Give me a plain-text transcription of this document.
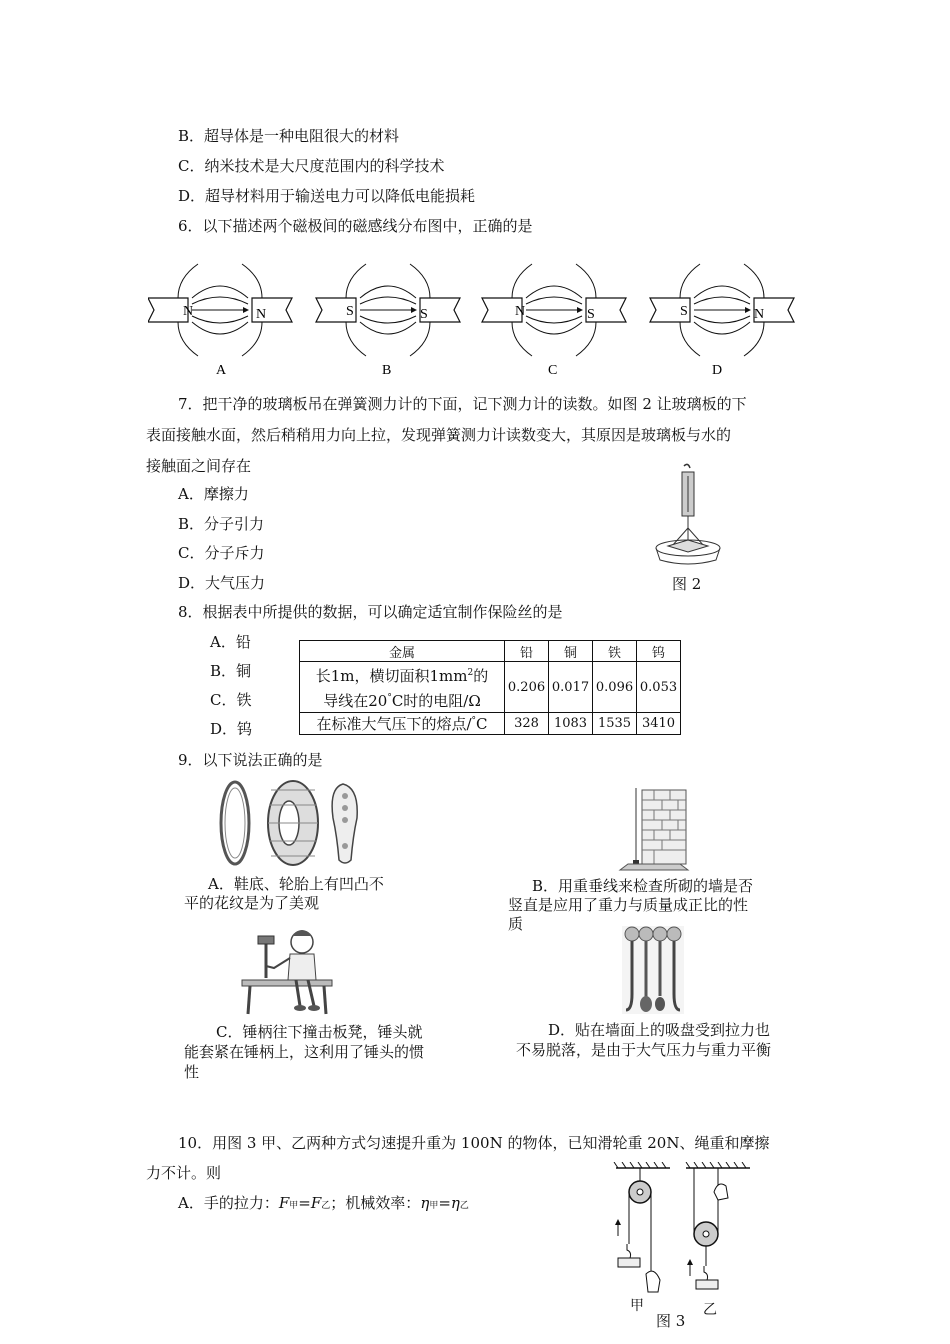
B．超导体是一种电阻很大的材料
C．纳米技术是大尺度范围内的科学技术
D．超导材料用于输送电力可以降低电能损耗
6．以下描述两个磁极间的磁感线分布图中，正确的是
N	N
A
S	S
B
N	S
C
S	N
D
7．把干净的玻璃板吊在弹簧测力计的下面，记下测力计的读数。如图 2 让玻璃板的下
表面接触水面，然后稍稍用力向上拉，发现弹簧测力计读数变大，其原因是玻璃板与水的
接触面之间存在
A．摩擦力
B．分子引力
C．分子斥力
D．大气压力	图 2
8．根据表中所提供的数据，可以确定适宜制作保险丝的是
A．铅
B．铜
C．铁
D．钨
金属	铅	铜	铁	钨
长1m，横切面积$1mm^2$的
导线在20°C时的电阻/Ω	0.206	0.017	0.096	0.053
在标准大气压下的熔点/°C	328	1083	1535	3410
9．以下说法正确的是
A．鞋底、轮胎上有凹凸不
平的花纹是为了美观
B．用重垂线来检查所砌的墙是否
竖直是应用了重力与质量成正比的性
质
C．锤柄往下撞击板凳，锤头就
能套紧在锤柄上，这利用了锤头的惯
性
D．贴在墙面上的吸盘受到拉力也
不易脱落，是由于大气压力与重力平衡
10．用图 3 甲、乙两种方式匀速提升重为 100N 的物体，已知滑轮重 20N、绳重和摩擦
力不计。则
A．手的拉力：F甲=F乙；机械效率：η甲=η乙
甲	乙
图 3
